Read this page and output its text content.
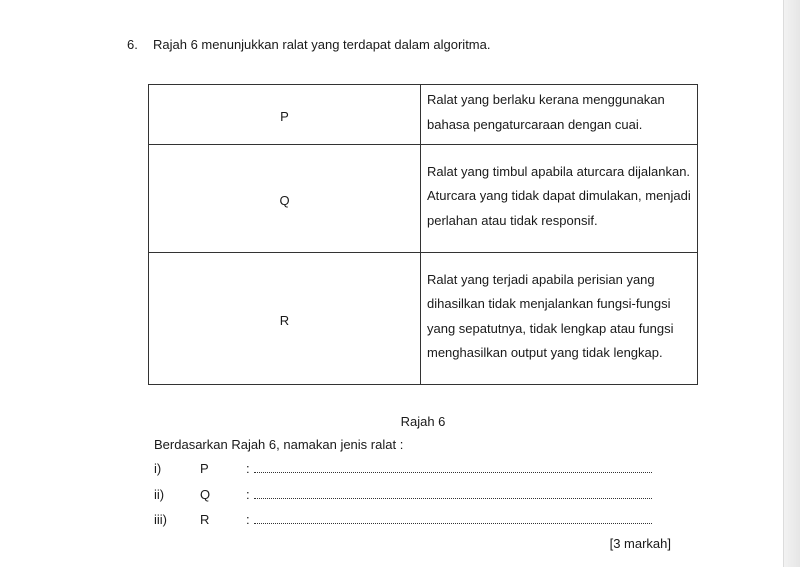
6.	Rajah 6 menunjukkan ralat yang terdapat dalam algoritma.
P	Ralat yang berlaku kerana menggunakan bahasa pengaturcaraan dengan cuai.
Q	Ralat yang timbul apabila aturcara dijalankan. Aturcara yang tidak dapat dimulakan, menjadi perlahan atau tidak responsif.
R	Ralat yang terjadi apabila perisian yang dihasilkan tidak menjalankan fungsi-fungsi yang sepatutnya, tidak lengkap atau fungsi menghasilkan output yang tidak lengkap.
Rajah 6
Berdasarkan Rajah 6, namakan jenis ralat :
i)	P	:
ii)	Q	:
iii)	R	:
[3 markah]
